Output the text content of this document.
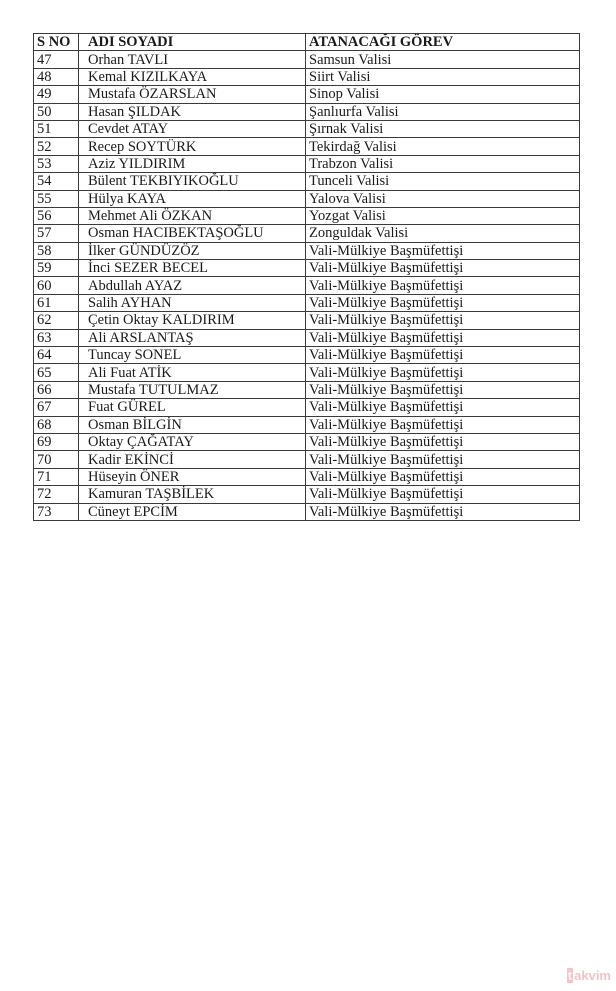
S NO	ADI SOYADI	ATANACAĞI GÖREV
47	Orhan TAVLI	Samsun Valisi
48	Kemal KIZILKAYA	Siirt Valisi
49	Mustafa ÖZARSLAN	Sinop Valisi
50	Hasan ŞILDAK	Şanlıurfa Valisi
51	Cevdet ATAY	Şırnak Valisi
52	Recep SOYTÜRK	Tekirdağ Valisi
53	Aziz YILDIRIM	Trabzon Valisi
54	Bülent TEKBIYIKOĞLU	Tunceli Valisi
55	Hülya KAYA	Yalova Valisi
56	Mehmet Ali ÖZKAN	Yozgat Valisi
57	Osman HACIBEKTAŞOĞLU	Zonguldak Valisi
58	İlker GÜNDÜZÖZ	Vali-Mülkiye Başmüfettişi
59	İnci SEZER BECEL	Vali-Mülkiye Başmüfettişi
60	Abdullah AYAZ	Vali-Mülkiye Başmüfettişi
61	Salih AYHAN	Vali-Mülkiye Başmüfettişi
62	Çetin Oktay KALDIRIM	Vali-Mülkiye Başmüfettişi
63	Ali ARSLANTAŞ	Vali-Mülkiye Başmüfettişi
64	Tuncay SONEL	Vali-Mülkiye Başmüfettişi
65	Ali Fuat ATİK	Vali-Mülkiye Başmüfettişi
66	Mustafa TUTULMAZ	Vali-Mülkiye Başmüfettişi
67	Fuat GÜREL	Vali-Mülkiye Başmüfettişi
68	Osman BİLGİN	Vali-Mülkiye Başmüfettişi
69	Oktay ÇAĞATAY	Vali-Mülkiye Başmüfettişi
70	Kadir EKİNCİ	Vali-Mülkiye Başmüfettişi
71	Hüseyin ÖNER	Vali-Mülkiye Başmüfettişi
72	Kamuran TAŞBİLEK	Vali-Mülkiye Başmüfettişi
73	Cüneyt EPCİM	Vali-Mülkiye Başmüfettişi
t akvim
